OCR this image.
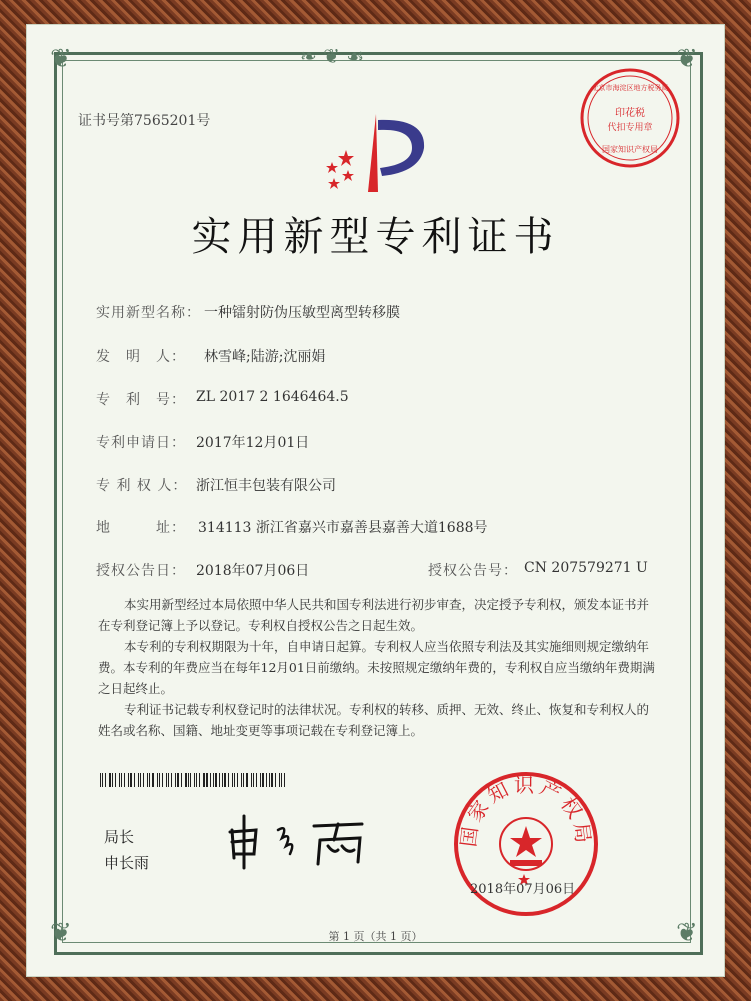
❦	❦
❦	❦
❧ ❦ ☙
证书号第7565201号	印花税
代扣专用章
北京市海淀区地方税务局
国家知识产权局
实用新型专利证书
实用新型名称： 一种镭射防伪压敏型离型转移膜
发　明　人： 林雪峰;陆游;沈丽娟
专　利　号： ZL 2017 2 1646464.5
专利申请日： 2017年12月01日
专 利 权 人： 浙江恒丰包装有限公司
地　　　址： 314113 浙江省嘉兴市嘉善县嘉善大道1688号
授权公告日： 2018年07月06日	授权公告号： CN 207579271 U
本实用新型经过本局依照中华人民共和国专利法进行初步审查，决定授予专利权，颁发本证书并在专利登记簿上予以登记。专利权自授权公告之日起生效。
本专利的专利权期限为十年，自申请日起算。专利权人应当依照专利法及其实施细则规定缴纳年费。本专利的年费应当在每年12月01日前缴纳。未按照规定缴纳年费的，专利权自应当缴纳年费期满之日起终止。
专利证书记载专利权登记时的法律状况。专利权的转移、质押、无效、终止、恢复和专利权人的姓名或名称、国籍、地址变更等事项记载在专利登记簿上。
局长
申长雨
国家知识产权局
2018年07月06日
第 1 页（共 1 页）
